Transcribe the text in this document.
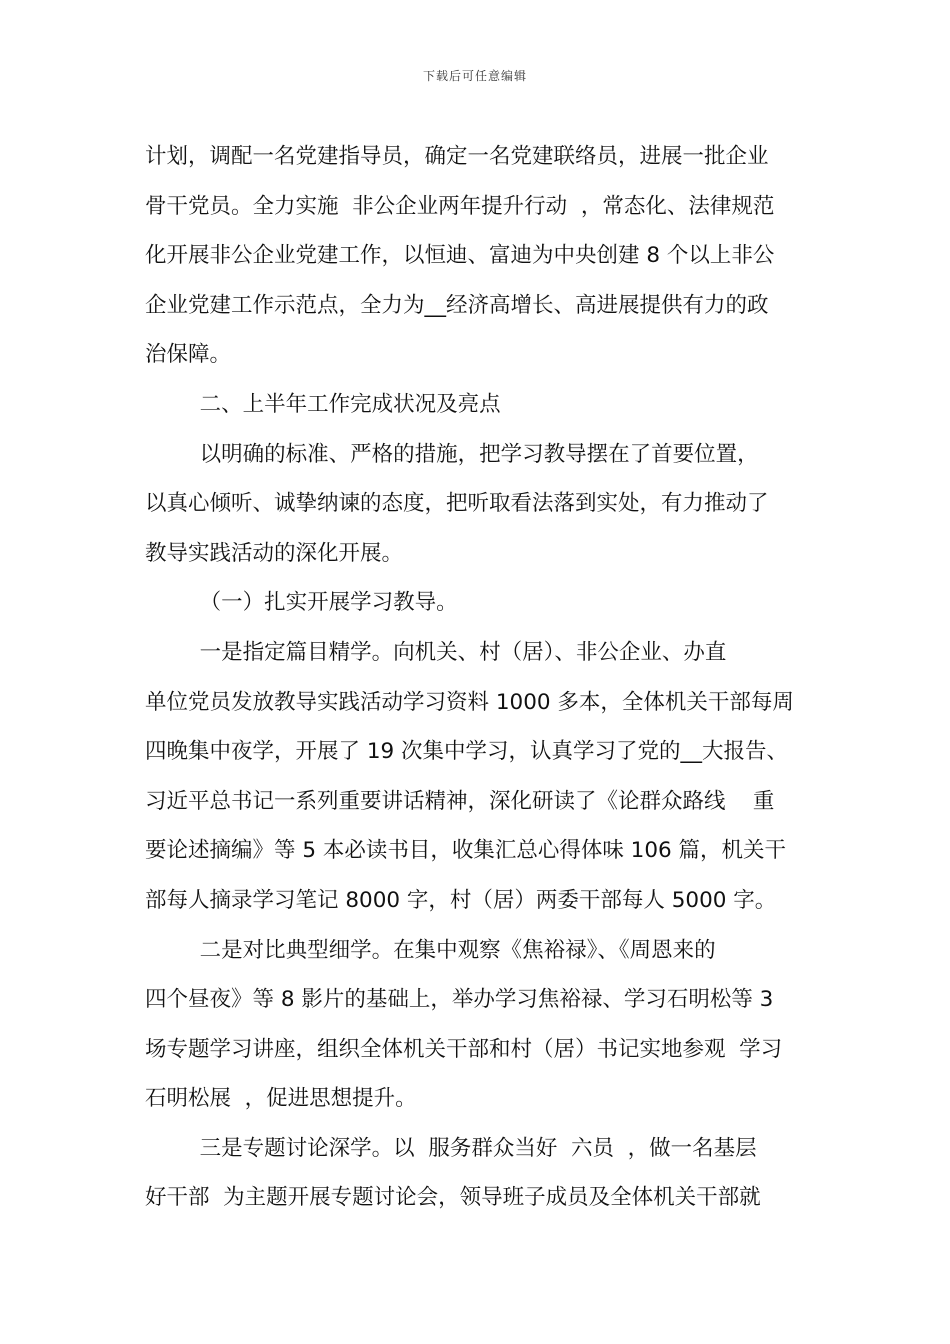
下载后可任意编辑
计划，调配一名党建指导员，确定一名党建联络员，进展一批企业
骨干党员。全力实施  非公企业两年提升行动  ，常态化、法律规范
化开展非公企业党建工作，以恒迪、富迪为中央创建 8 个以上非公
企业党建工作示范点，全力为__经济高增长、高进展提供有力的政
治保障。
二、上半年工作完成状况及亮点
以明确的标准、严格的措施，把学习教导摆在了首要位置，
以真心倾听、诚挚纳谏的态度，把听取看法落到实处，有力推动了
教导实践活动的深化开展。
（一）扎实开展学习教导。
一是指定篇目精学。向机关、村（居）、非公企业、办直
单位党员发放教导实践活动学习资料 1000 多本，全体机关干部每周
四晚集中夜学，开展了 19 次集中学习，认真学习了党的__大报告、
习近平总书记一系列重要讲话精神，深化研读了《论群众路线    重
要论述摘编》等 5 本必读书目，收集汇总心得体味 106 篇，机关干
部每人摘录学习笔记 8000 字，村（居）两委干部每人 5000 字。
二是对比典型细学。在集中观察《焦裕禄》、《周恩来的
四个昼夜》等 8 影片的基础上，举办学习焦裕禄、学习石明松等 3
场专题学习讲座，组织全体机关干部和村（居）书记实地参观  学习
石明松展  ，促进思想提升。
三是专题讨论深学。以  服务群众当好  六员  ，做一名基层
好干部  为主题开展专题讨论会，领导班子成员及全体机关干部就
